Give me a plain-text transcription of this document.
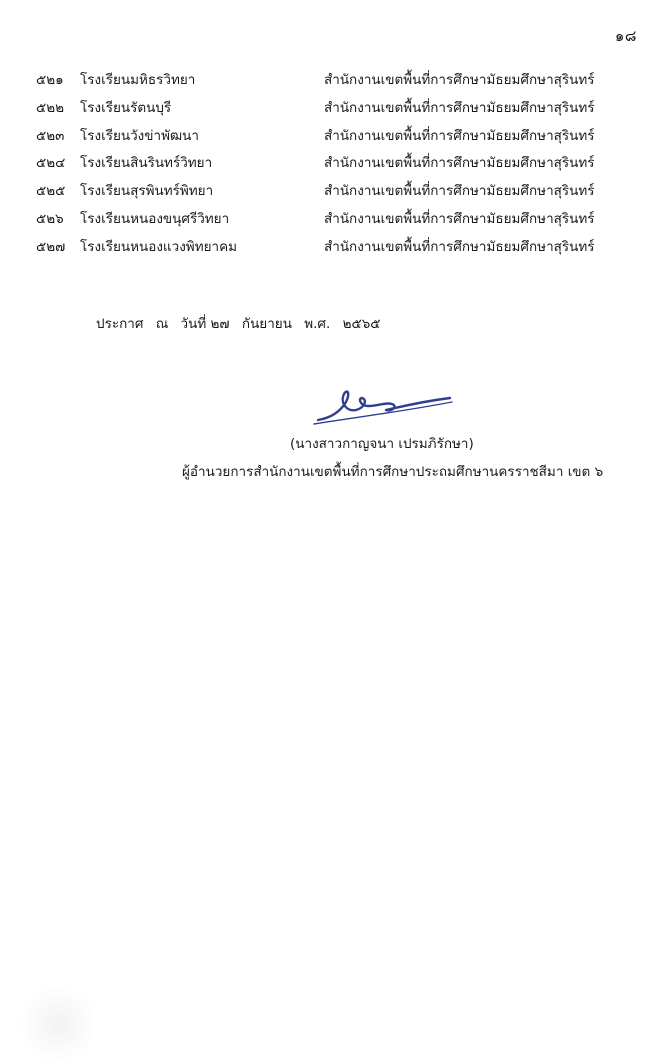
๑๘
๕๒๑	โรงเรียนมหิธรวิทยา	สำนักงานเขตพื้นที่การศึกษามัธยมศึกษาสุรินทร์
๕๒๒	โรงเรียนรัตนบุรี	สำนักงานเขตพื้นที่การศึกษามัธยมศึกษาสุรินทร์
๕๒๓	โรงเรียนวังข่าพัฒนา	สำนักงานเขตพื้นที่การศึกษามัธยมศึกษาสุรินทร์
๕๒๔	โรงเรียนสินรินทร์วิทยา	สำนักงานเขตพื้นที่การศึกษามัธยมศึกษาสุรินทร์
๕๒๕	โรงเรียนสุรพินทร์พิทยา	สำนักงานเขตพื้นที่การศึกษามัธยมศึกษาสุรินทร์
๕๒๖	โรงเรียนหนองขนุศรีวิทยา	สำนักงานเขตพื้นที่การศึกษามัธยมศึกษาสุรินทร์
๕๒๗	โรงเรียนหนองแวงพิทยาคม	สำนักงานเขตพื้นที่การศึกษามัธยมศึกษาสุรินทร์
ประกาศ ณ วันที่ ๒๗ กันยายน พ.ศ. ๒๕๖๕
(นางสาวกาญจนา เปรมภิรักษา)
ผู้อำนวยการสำนักงานเขตพื้นที่การศึกษาประถมศึกษานครราชสีมา เขต ๖
